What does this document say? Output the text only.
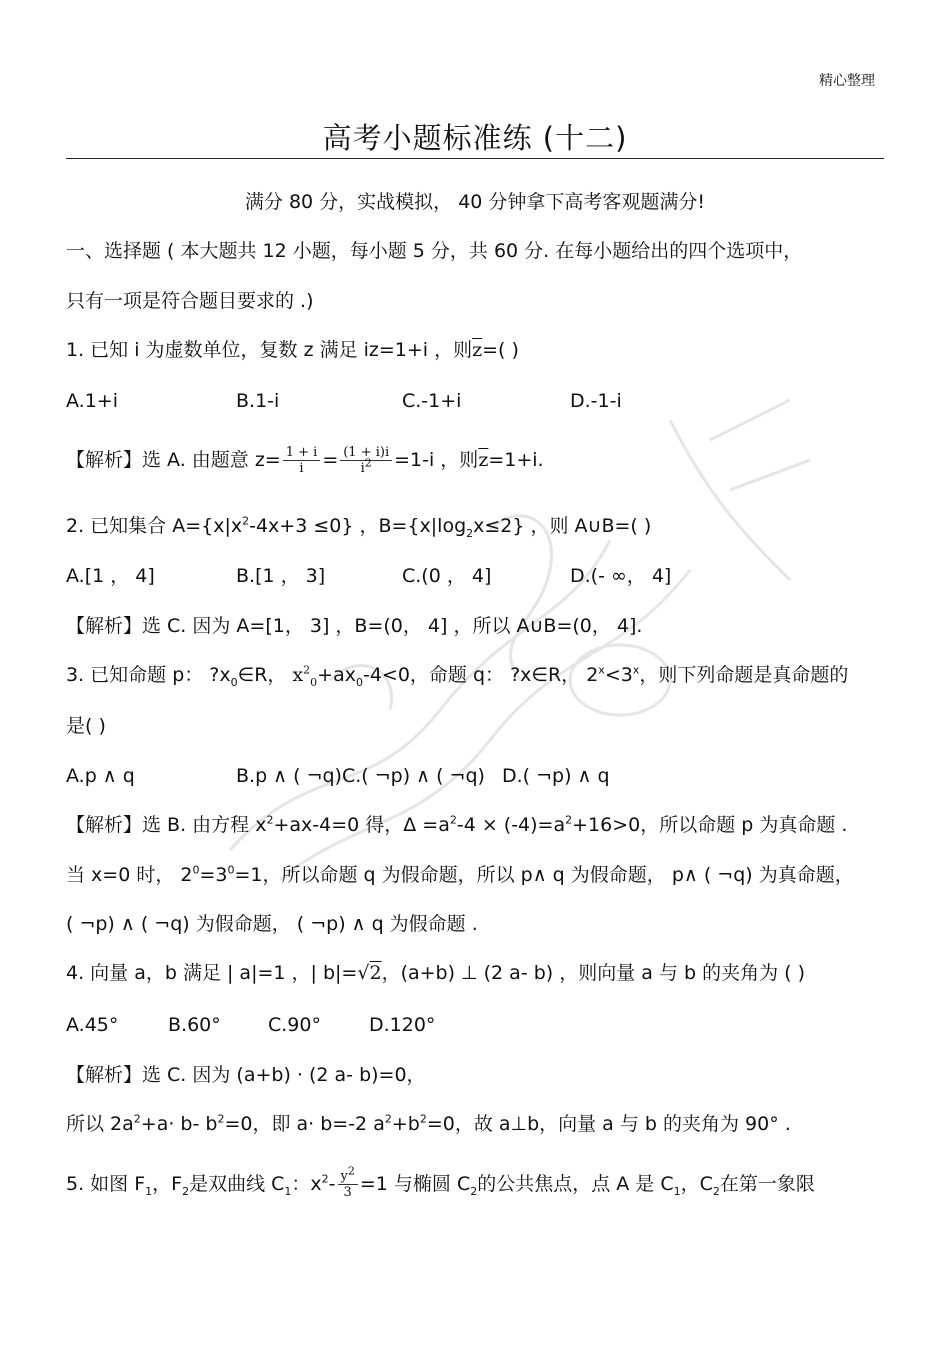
精心整理
高考小题标准练 (十二)
满分 80 分，实战模拟， 40 分钟拿下高考客观题满分!
一、选择题 ( 本大题共 12 小题，每小题 5 分，共 60 分. 在每小题给出的四个选项中，
只有一项是符合题目要求的 .)
1. 已知 i 为虚数单位，复数 z 满足 iz=1+i ，则$\overline{z}=$( )
A.1+i	B.1-i	C.-1+i	D.-1-i
【解析】选 A. 由题意 $z= \frac{1 + i}{i} = \frac{(1 + i)i}{i^2} =1-i$ ，则$\overline{z}=1+i$.
2. 已知集合 $A=\{x|x^2-4x+3 \le 0\}$ ，$B=\{x|\log_2x\le 2\}$ ，则 A∪B=( )
A.[1 ， 4]	B.[1 ， 3]	C.(0 ， 4]	D.(- ∞， 4]
【解析】选 C. 因为 A=[1， 3] ，B=(0， 4] ，所以 A∪B=(0， 4].
3. 已知命题 p： $?x_0\in R$， $x^2_0+ax_0-4<0$，命题 q： ?x∈R， $2^x<3^x$，则下列命题是真命题的
是( )
A.p ∧ q	B.p ∧ ( ¬q)C.( ¬p) ∧ ( ¬q) D.( ¬p) ∧ q
【解析】选 B. 由方程 $x^2+ax-4=0$ 得，$\Delta =a^2-4 \times (-4)=a^2+16>0$，所以命题 p 为真命题 .
当 x=0 时， $2^0=3^0=1$，所以命题 q 为假命题，所以 p∧ q 为假命题， p∧ ( ¬q) 为真命题，
( ¬p) ∧ ( ¬q) 为假命题， ( ¬p) ∧ q 为假命题 .
4. 向量 a，b 满足 | a|=1 ，| b|=√2，(a+b) ⊥ (2 a- b) ，则向量 a 与 b 的夹角为 ( )
A.45°	B.60° C.90°	D.120°
【解析】选 C. 因为 (a+b) · (2 a- b)=0，
所以 $2a^2+a\cdot b-$ $b^2=0$，即 a· b=-2 $a^2+b^2=0$，故 a⊥b，向量 a 与 b 的夹角为 90° .
5. 如图 $F_1$，$F_2$是双曲线 $C_1$：$x^2- \frac{y^2}{3} =1$ 与椭圆 $C_2$的公共焦点，点 A 是 $C_1$，$C_2$在第一象限
